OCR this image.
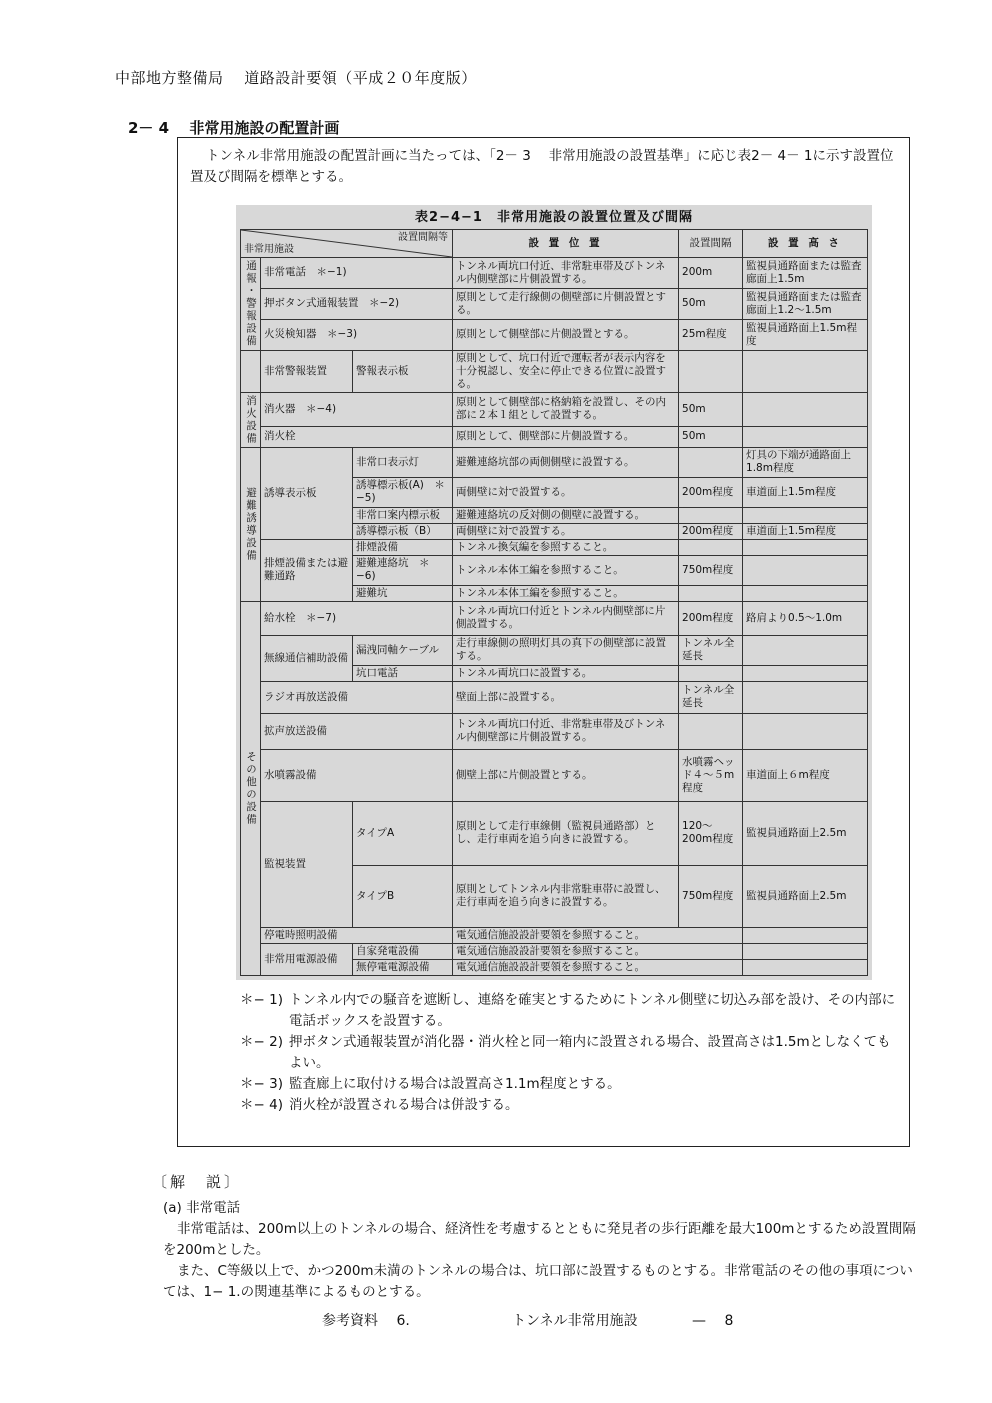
中部地方整備局　 道路設計要領（平成２０年度版）
2－ 4　 非常用施設の配置計画
トンネル非常用施設の配置計画に当たっては、「2－ 3　 非常用施設の設置基準」に応じ表2－ 4－ 1に示す設置位置及び間隔を標準とする。
表2−4−1　非常用施設の設置位置及び間隔
設置間隔等
非常用施設			設 置 位 置	設置間隔	設 置 高 さ
通報・警報設備	非常電話　＊−1)		トンネル両坑口付近、非常駐車帯及びトンネル内側壁部に片側設置する。	200m	監視員通路面または監査廊面上1.5m
	押ボタン式通報装置　＊−2)		原則として走行線側の側壁部に片側設置とする。	50m	監視員通路面または監査廊面上1.2〜1.5m
	火災検知器　＊−3)		原則として側壁部に片側設置とする。	25m程度	監視員通路面上1.5m程度
	非常警報装置	警報表示板	原則として、坑口付近で運転者が表示内容を十分視認し、安全に停止できる位置に設置する。		
消火設備	消火器　＊−4)		原則として側壁部に格納箱を設置し、その内部に２本１組として設置する。	50m	
	消火栓		原則として、側壁部に片側設置する。	50m	
避難誘導設備	誘導表示板	非常口表示灯	避難連絡坑部の両側側壁に設置する。		灯具の下端が通路面上1.8m程度
		誘導標示板(A)　＊−5)	両側壁に対で設置する。	200m程度	車道面上1.5m程度
		非常口案内標示板	避難連絡坑の反対側の側壁に設置する。		
		誘導標示板（B）	両側壁に対で設置する。	200m程度	車道面上1.5m程度
	排煙設備または避難通路	排煙設備	トンネル換気編を参照すること。		
		避難連絡坑　＊−6)	トンネル本体工編を参照すること。	750m程度	
		避難坑	トンネル本体工編を参照すること。		
その他の設備	給水栓　＊−7)		トンネル両坑口付近とトンネル内側壁部に片側設置する。	200m程度	路肩より0.5〜1.0m
	無線通信補助設備	漏洩同軸ケーブル	走行車線側の照明灯具の真下の側壁部に設置する。	トンネル全延長	
		坑口電話	トンネル両坑口に設置する。		
	ラジオ再放送設備		壁面上部に設置する。	トンネル全延長	
	拡声放送設備		トンネル両坑口付近、非常駐車帯及びトンネル内側壁部に片側設置する。		
	水噴霧設備		側壁上部に片側設置とする。	水噴霧ヘッド４〜５m程度	車道面上６m程度
	監視装置	タイプA	原則として走行車線側（監視員通路部）とし、走行車両を追う向きに設置する。	120〜200m程度	監視員通路面上2.5m
		タイプB	原則としてトンネル内非常駐車帯に設置し、走行車両を追う向きに設置する。	750m程度	監視員通路面上2.5m
	停電時照明設備		電気通信施設設計要領を参照すること。		
	非常用電源設備	自家発電設備	電気通信施設設計要領を参照すること。		
		無停電電源設備	電気通信施設設計要領を参照すること。		
＊− 1) トンネル内での騒音を遮断し、連絡を確実とするためにトンネル側壁に切込み部を設け、その内部に電話ボックスを設置する。
＊− 2) 押ボタン式通報装置が消化器・消火栓と同一箱内に設置される場合、設置高さは1.5mとしなくてもよい。
＊− 3) 監査廊上に取付ける場合は設置高さ1.1m程度とする。
＊− 4) 消火栓が設置される場合は併設する。
〔解　説〕

(a) 非常電話

非常電話は、200m以上のトンネルの場合、経済性を考慮するとともに発見者の歩行距離を最大100mとするため設置間隔を200mとした。

また、C等級以上で、かつ200m未満のトンネルの場合は、坑口部に設置するものとする。非常電話のその他の事項については、1− 1.の関連基準によるものとする。

参考資料　 6.	トンネル非常用施設	—　 8
